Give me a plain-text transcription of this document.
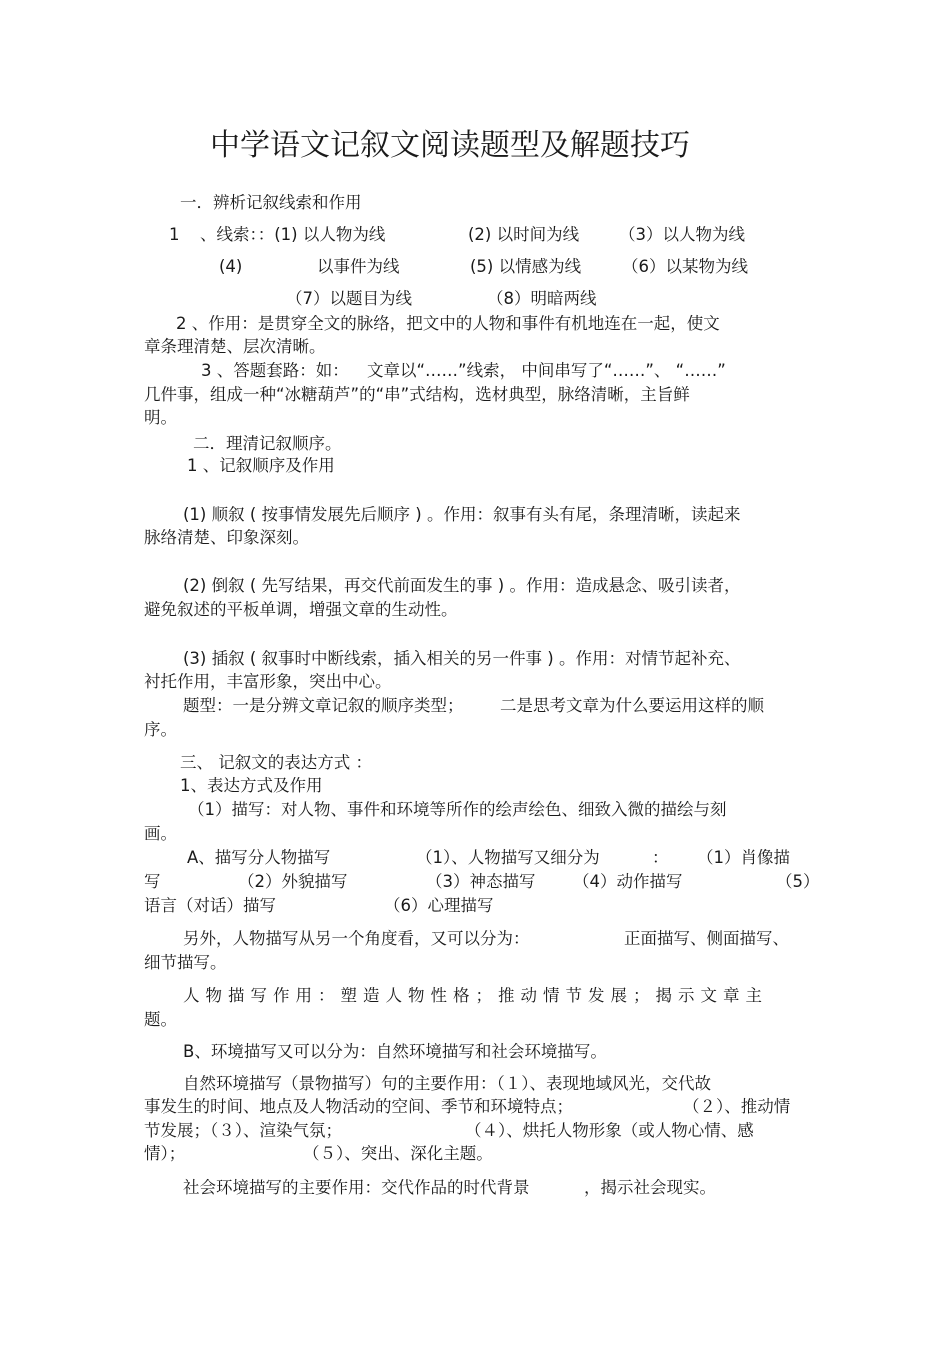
中学语文记叙文阅读题型及解题技巧
一．辨析记叙线索和作用
1 、线索：：(1) 以人物为线	(2) 以时间为线 （3）以人物为线
(4)	以事件为线	(5) 以情感为线 （6）以某物为线
（7）以题目为线	（8）明暗两线
2 、作用：是贯穿全文的脉络，把文中的人物和事件有机地连在一起，使文
章条理清楚、层次清晰。
3 、答题套路：如： 文章以“……”线索， 中间串写了“……”、 “……”
几件事，组成一种“冰糖葫芦”的“串”式结构，选材典型，脉络清晰，主旨鲜
明。
二．理清记叙顺序。
1 、记叙顺序及作用
(1) 顺叙 ( 按事情发展先后顺序 ) 。作用：叙事有头有尾，条理清晰，读起来
脉络清楚、印象深刻。
(2) 倒叙 ( 先写结果，再交代前面发生的事 ) 。作用：造成悬念、吸引读者，
避免叙述的平板单调，增强文章的生动性。
(3) 插叙 ( 叙事时中断线索，插入相关的另一件事 ) 。作用：对情节起补充、
衬托作用，丰富形象，突出中心。
题型：一是分辨文章记叙的顺序类型； 二是思考文章为什么要运用这样的顺
序。
三、 记叙文的表达方式 ：
1、表达方式及作用
（1）描写：对人物、事件和环境等所作的绘声绘色、细致入微的描绘与刻
画。
A、描写分人物描写	（1）、人物描写又细分为	： （1）肖像描
写	（2）外貌描写	（3）神态描写 （4）动作描写	（5）
语言（对话）描写	（6）心理描写
另外，人物描写从另一个角度看，又可以分为：	正面描写、侧面描写、
细节描写。
人物描写作用：塑造人物性格；推动情节发展；揭示文章主
题。
B、环境描写又可以分为：自然环境描写和社会环境描写。
自然环境描写（景物描写）句的主要作用：（１）、表现地域风光，交代故
事发生的时间、地点及人物活动的空间、季节和环境特点；	（２）、推动情
节发展；（３）、渲染气氛；	（４）、烘托人物形象（或人物心情、感
情）；	（５）、突出、深化主题。
社会环境描写的主要作用：交代作品的时代背景	，揭示社会现实。
